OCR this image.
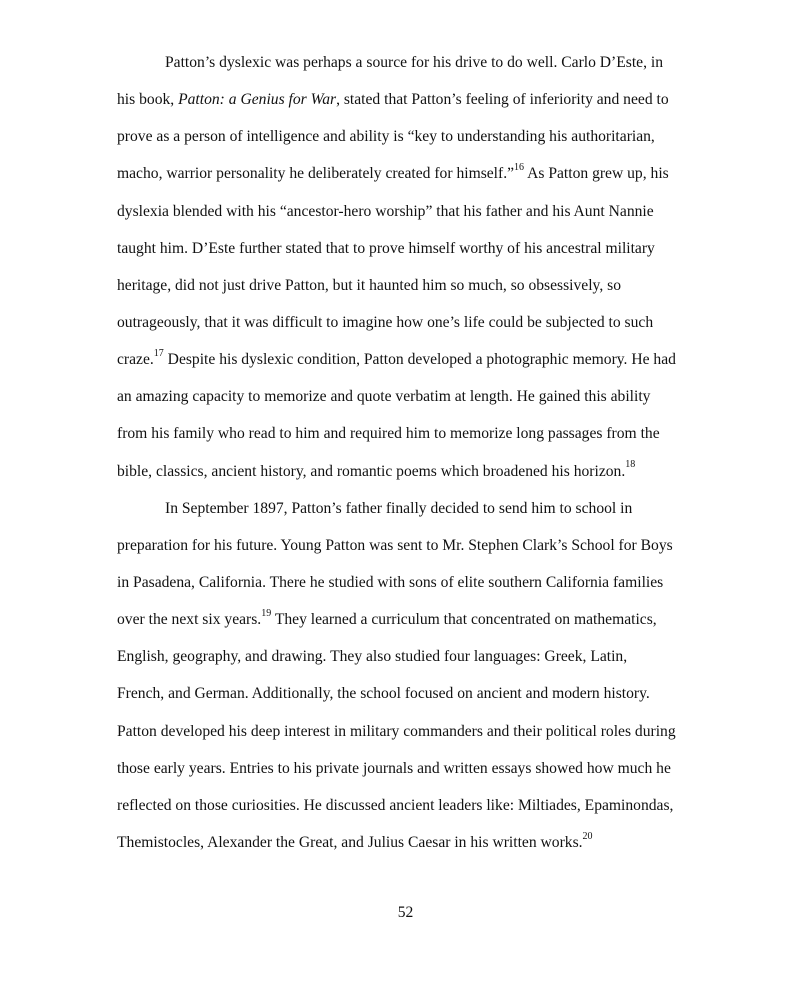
Patton’s dyslexic was perhaps a source for his drive to do well. Carlo D’Este, in
his book, Patton: a Genius for War, stated that Patton’s feeling of inferiority and need to
prove as a person of intelligence and ability is “key to understanding his authoritarian,
macho, warrior personality he deliberately created for himself.”$^{16}$ As Patton grew up, his
dyslexia blended with his “ancestor-hero worship” that his father and his Aunt Nannie
taught him. D’Este further stated that to prove himself worthy of his ancestral military
heritage, did not just drive Patton, but it haunted him so much, so obsessively, so
outrageously, that it was difficult to imagine how one’s life could be subjected to such
craze.$^{17}$ Despite his dyslexic condition, Patton developed a photographic memory. He had
an amazing capacity to memorize and quote verbatim at length. He gained this ability
from his family who read to him and required him to memorize long passages from the
bible, classics, ancient history, and romantic poems which broadened his horizon.$^{18}$
In September 1897, Patton’s father finally decided to send him to school in
preparation for his future. Young Patton was sent to Mr. Stephen Clark’s School for Boys
in Pasadena, California. There he studied with sons of elite southern California families
over the next six years.$^{19}$ They learned a curriculum that concentrated on mathematics,
English, geography, and drawing. They also studied four languages: Greek, Latin,
French, and German. Additionally, the school focused on ancient and modern history.
Patton developed his deep interest in military commanders and their political roles during
those early years. Entries to his private journals and written essays showed how much he
reflected on those curiosities. He discussed ancient leaders like: Miltiades, Epaminondas,
Themistocles, Alexander the Great, and Julius Caesar in his written works.$^{20}$
52
